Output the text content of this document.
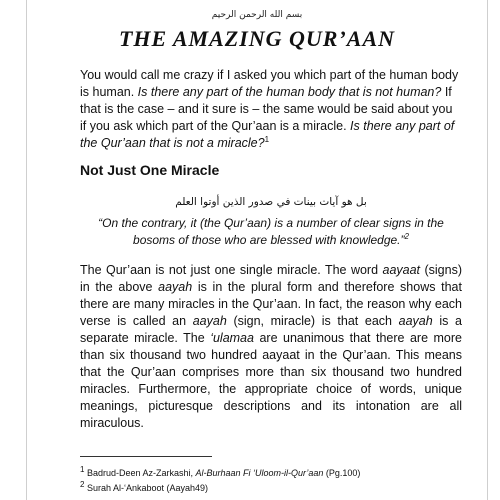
بسم الله الرحمن الرحيم
THE AMAZING QUR’AAN
You would call me crazy if I asked you which part of the human body is human. Is there any part of the human body that is not human? If that is the case – and it sure is – the same would be said about you if you ask which part of the Qur’aan is a miracle. Is there any part of the Qur’aan that is not a miracle?$^1$
Not Just One Miracle
بل هو آيات بينات في صدور الذين أوتوا العلم
“On the contrary, it (the Qur’aan) is a number of clear signs in the bosoms of those who are blessed with knowledge.”$^2$
The Qur’aan is not just one single miracle. The word aayaat (signs) in the above aayah is in the plural form and therefore shows that there are many miracles in the Qur’aan. In fact, the reason why each verse is called an aayah (sign, miracle) is that each aayah is a separate miracle. The ‘ulamaa are unanimous that there are more than six thousand two hundred aayaat in the Qur’aan. This means that the Qur’aan comprises more than six thousand two hundred miracles. Furthermore, the appropriate choice of words, unique meanings, picturesque descriptions and its intonation are all miraculous.
$^1$ Badrud-Deen Az-Zarkashi, Al-Burhaan Fi ‘Uloom-il-Qur’aan (Pg.100)
$^2$ Surah Al-‘Ankaboot (Aayah49)
